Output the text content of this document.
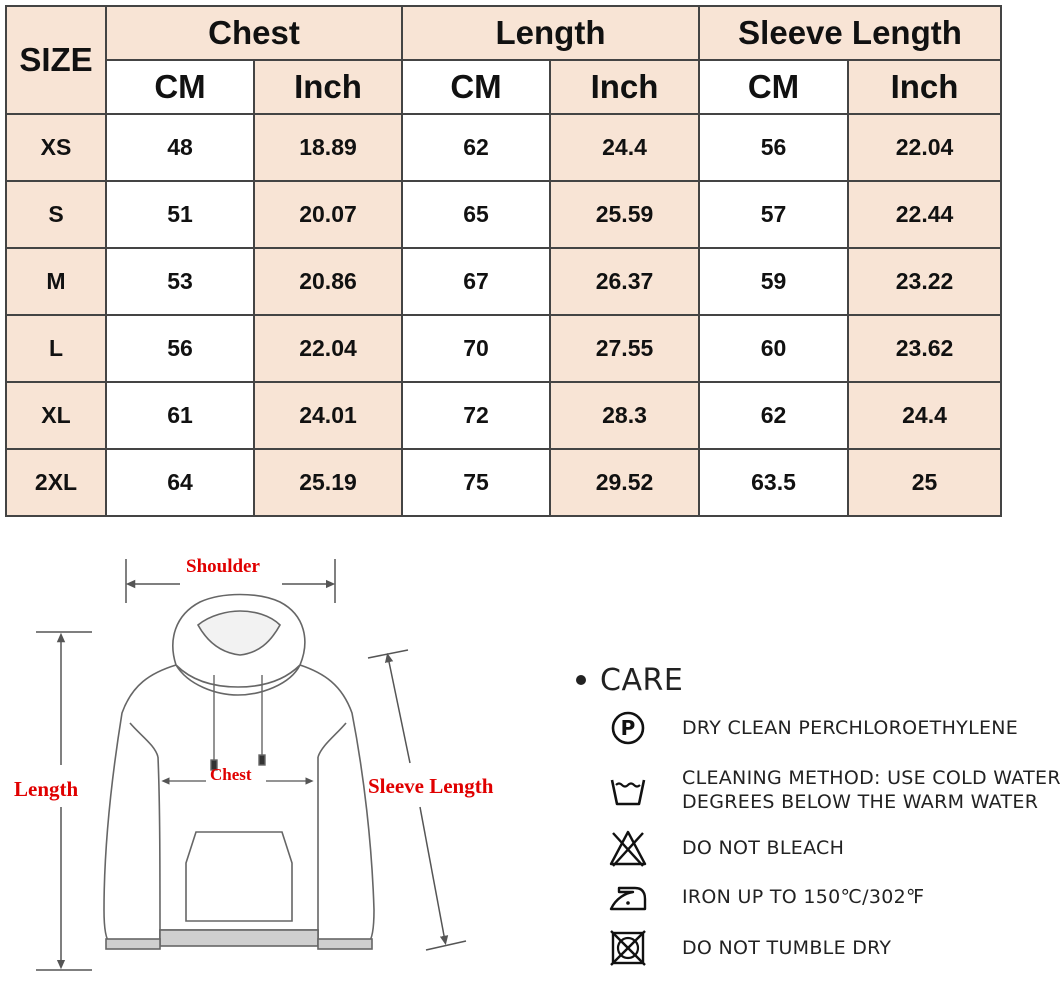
SIZE	Chest		Length		Sleeve Length	
	CM	Inch	CM	Inch	CM	Inch
XS	48	18.89	62	24.4	56	22.04
S	51	20.07	65	25.59	57	22.44
M	53	20.86	67	26.37	59	23.22
L	56	22.04	70	27.55	60	23.62
XL	61	24.01	72	28.3	62	24.4
2XL	64	25.19	75	29.52	63.5	25
Shoulder
Chest
Length	Sleeve Length
CARE
P DRY CLEAN PERCHLOROETHYLENE
CLEANING METHOD: USE COLD WATER
DEGREES BELOW THE WARM WATER
DO NOT BLEACH
IRON UP TO 150℃/302℉
DO NOT TUMBLE DRY
